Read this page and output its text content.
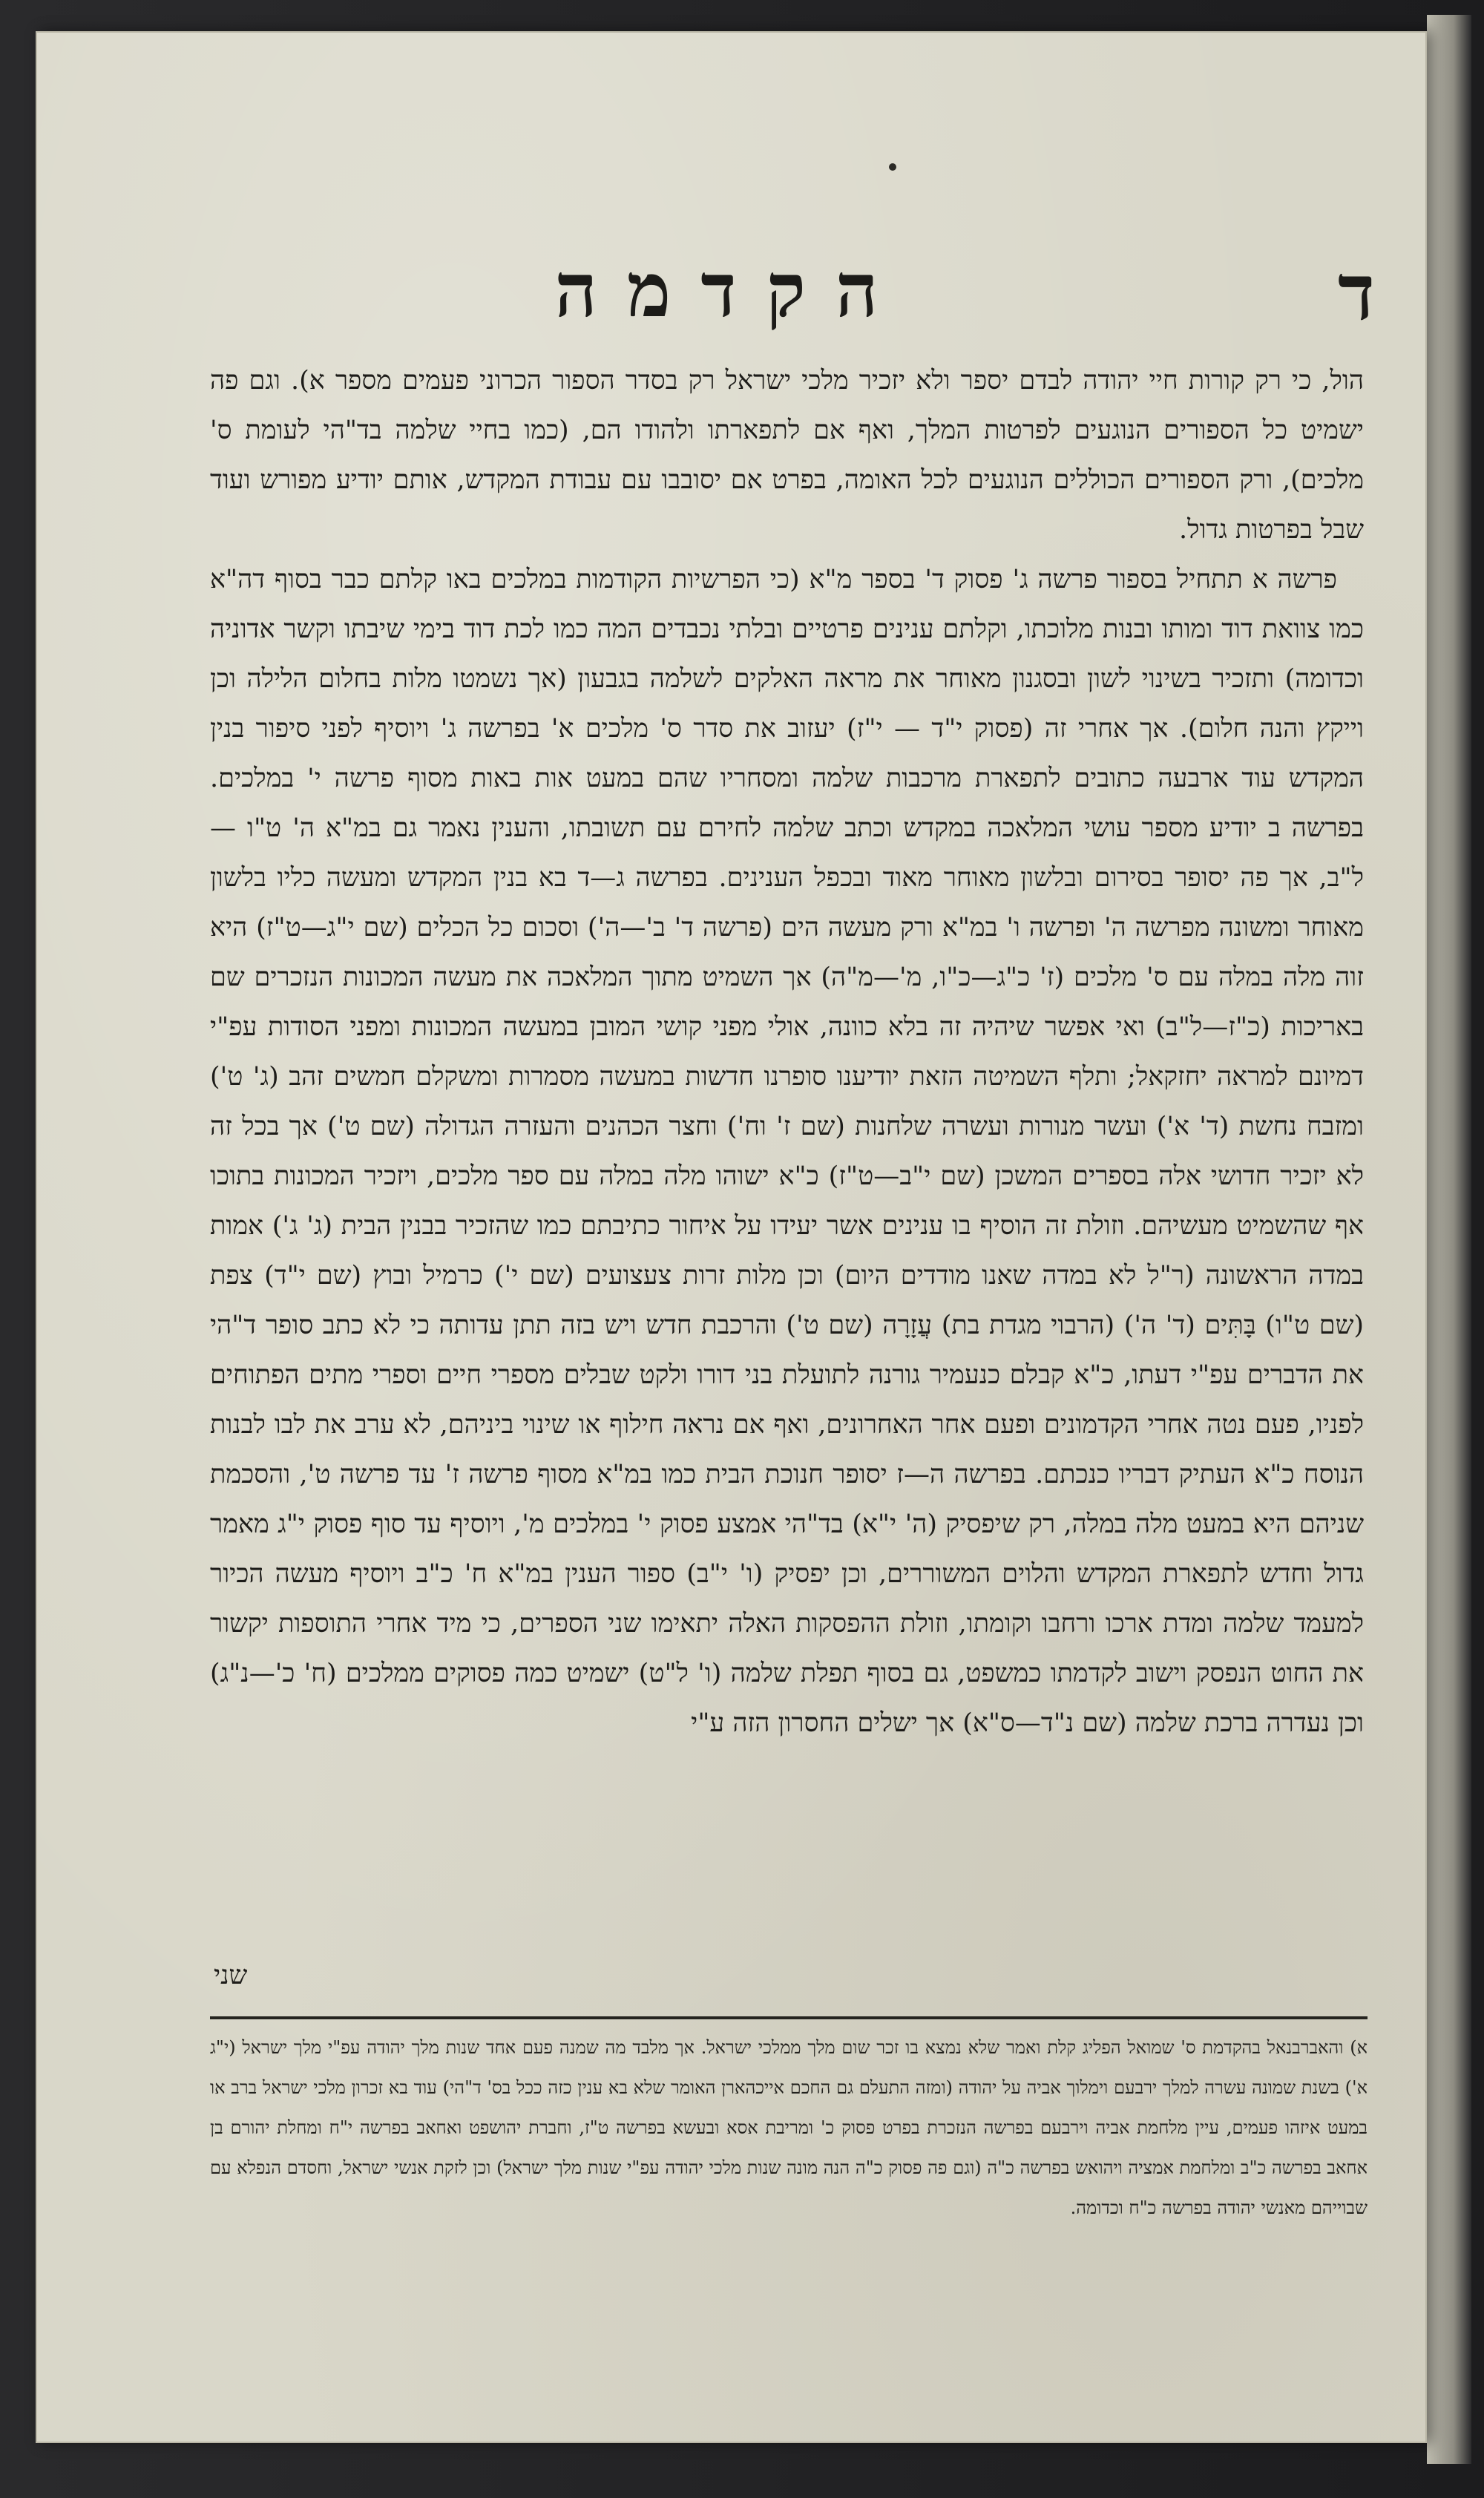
ד
הקדמה

הול, כי רק קורות חיי יהודה לבדם יספר ולא יזכיר מלכי ישראל רק בסדר הספור הכרוני פעמים מספר א). וגם פה ישמיט כל הספורים הנוגעים לפרטות המלך, ואף אם לתפארתו ולהודו הם, (כמו בחיי שלמה בד"הי לעומת ס' מלכים), ורק הספורים הכוללים הנוגעים לכל האומה, בפרט אם יסובבו עם עבודת המקדש, אותם יודיע מפורש ועוד שבל בפרטות גדול.

פרשה א תתחיל בספור פרשה ג' פסוק ד' בספר מ"א (כי הפרשיות הקודמות במלכים באו קלתם כבר בסוף דה"א כמו צוואת דוד ומותו ובנות מלוכתו, וקלתם ענינים פרטיים ובלתי נכבדים המה כמו לכת דוד בימי שיבתו וקשר אדוניה וכדומה) ותזכיר בשינוי לשון ובסגנון מאוחר את מראה האלקים לשלמה בגבעון (אך נשמטו מלות בחלום הלילה וכן וייקץ והנה חלום). אך אחרי זה (פסוק י"ד — י"ז) יעזוב את סדר ס' מלכים א' בפרשה ג' ויוסיף לפני סיפור בנין המקדש עוד ארבעה כתובים לתפארת מרכבות שלמה ומסחריו שהם במעט אות באות מסוף פרשה י' במלכים. בפרשה ב יודיע מספר עושי המלאכה במקדש וכתב שלמה לחירם עם תשובתו, והענין נאמר גם במ"א ה' ט"ו — ל"ב, אך פה יסופר בסירום ובלשון מאוחר מאוד ובכפל הענינים. בפרשה ג—ד בא בנין המקדש ומעשה כליו בלשון מאוחר ומשונה מפרשה ה' ופרשה ו' במ"א ורק מעשה הים (פרשה ד' ב'—ה') וסכום כל הכלים (שם י"ג—ט"ז) היא זוה מלה במלה עם ס' מלכים (ז' כ"ג—כ"ו, מ'—מ"ה) אך השמיט מתוך המלאכה את מעשה המכונות הנזכרים שם באריכות (כ"ז—ל"ב) ואי אפשר שיהיה זה בלא כוונה, אולי מפני קושי המובן במעשה המכונות ומפני הסודות עפ"י דמיונם למראה יחזקאל; ותלף השמיטה הזאת יודיענו סופרנו חדשות במעשה מסמרות ומשקלם חמשים זהב (ג' ט') ומזבח נחשת (ד' א') ועשר מנורות ועשרה שלחנות (שם ז' וח') וחצר הכהנים והעזרה הגדולה (שם ט') אך בכל זה לא יזכיר חדושי אלה בספרים המשכן (שם י"ב—ט"ז) כ"א ישוהו מלה במלה עם ספר מלכים, ויזכיר המכונות בתוכו אף שהשמיט מעשיהם. וזולת זה הוסיף בו ענינים אשר יעידו על איחור כתיבתם כמו שהזכיר בבנין הבית (ג' ג') אמות במדה הראשונה (ר"ל לא במדה שאנו מודדים היום) וכן מלות זרות צעצועים (שם י') כרמיל ובוץ (שם י"ד) צפת (שם ט"ו) בָּתִּים (ד' ה') (הרבוי מגדת בת) עֲזָרָה (שם ט') והרכבת חדש ויש בזה תתן עדותה כי לא כתב סופר ד"הי את הדברים עפ"י דעתו, כ"א קבלם כנעמיר גורנה לתועלת בני דורו ולקט שבלים מספרי חיים וספרי מתים הפתוחים לפניו, פעם נטה אחרי הקדמונים ופעם אחר האחרונים, ואף אם נראה חילוף או שינוי ביניהם, לא ערב את לבו לבנות הנוסח כ"א העתיק דבריו כנכתם. בפרשה ה—ז יסופר חנוכת הבית כמו במ"א מסוף פרשה ז' עד פרשה ט', והסכמת שניהם היא במעט מלה במלה, רק שיפסיק (ה' י"א) בד"הי אמצע פסוק י' במלכים מ', ויוסיף עד סוף פסוק י"ג מאמר גדול וחדש לתפארת המקדש והלוים המשוררים, וכן יפסיק (ו' י"ב) ספור הענין במ"א ח' כ"ב ויוסיף מעשה הכיור למעמד שלמה ומדת ארכו ורחבו וקומתו, וזולת ההפסקות האלה יתאימו שני הספרים, כי מיד אחרי התוספות יקשור את החוט הנפסק וישוב לקדמתו כמשפט, גם בסוף תפלת שלמה (ו' ל"ט) ישמיט כמה פסוקים ממלכים (ח' כ'—נ"ג) וכן נעדרה ברכת שלמה (שם נ"ד—ס"א) אך ישלים החסרון הזה ע"י

שני

א) והאברבנאל בהקדמת ס' שמואל הפליג קלת ואמר שלא נמצא בו זכר שום מלך ממלכי ישראל. אך מלבד מה שמנה פעם אחד שנות מלך יהודה עפ"י מלך ישראל (י"ג א') בשנת שמונה עשרה למלך ירבעם וימלוך אביה על יהודה (ומזה התעלם גם החכם אייכהארן האומר שלא בא ענין כזה ככל בס' ד"הי) עוד בא זכרון מלכי ישראל ברב או במעט איזהו פעמים, עיין מלחמת אביה וירבעם בפרשה הנזכרת בפרט פסוק כ' ומריבת אסא ובעשא בפרשה ט"ז, וחברת יהושפט ואחאב בפרשה י"ח ומחלת יהורם בן אחאב בפרשה כ"ב ומלחמת אמציה ויהואש בפרשה כ"ה (וגם פה פסוק כ"ה הנה מונה שנות מלכי יהודה עפ"י שנות מלך ישראל) וכן לזקת אנשי ישראל, וחסדם הנפלא עם שבוייהם מאנשי יהודה בפרשה כ"ח וכדומה.
